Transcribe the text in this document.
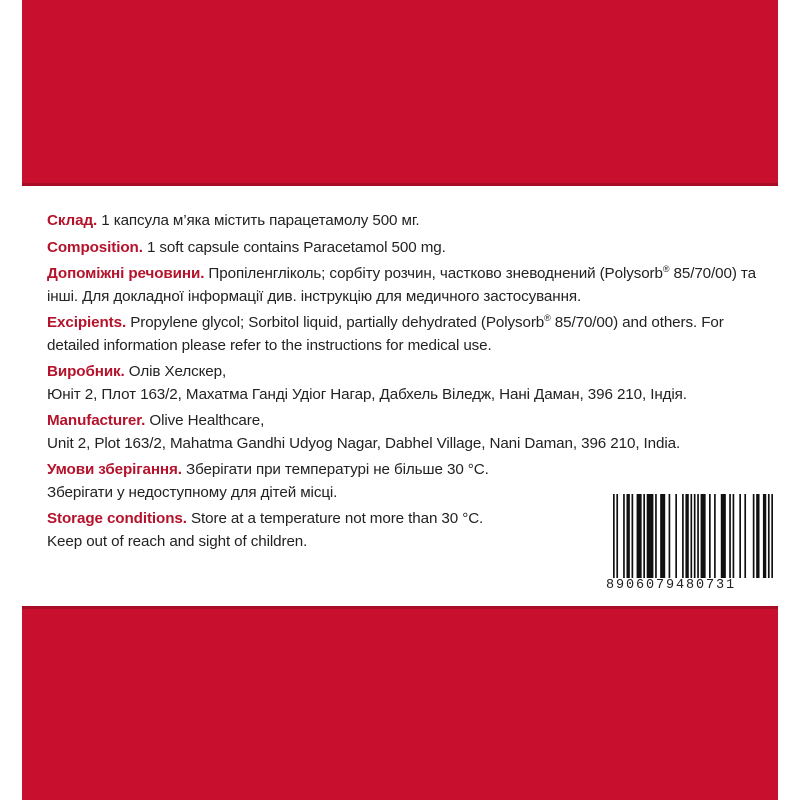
Склад. 1 капсула м’яка містить парацетамолу 500 мг.

Composition. 1 soft capsule contains Paracetamol 500 mg.

Допоміжні речовини. Пропіленгліколь; сорбіту розчин, частково зневоднений (Polysorb® 85/70/00) та інші. Для докладної інформації див. інструкцію для медичного застосування.

Excipients. Propylene glycol; Sorbitol liquid, partially dehydrated (Polysorb® 85/70/00) and others. For detailed information please refer to the instructions for medical use.

Виробник. Олів Хелскер,
Юніт 2, Плот 163/2, Махатма Ганді Удіог Нагар, Дабхель Віледж, Нані Даман, 396 210, Індія.

Manufacturer. Olive Healthcare,
Unit 2, Plot 163/2, Mahatma Gandhi Udyog Nagar, Dabhel Village, Nani Daman, 396 210, India.

Умови зберігання. Зберігати при температурі не більше 30 °С.
Зберігати у недоступному для дітей місці.

Storage conditions. Store at a temperature not more than 30 °C.
Keep out of reach and sight of children.

8906079480731
